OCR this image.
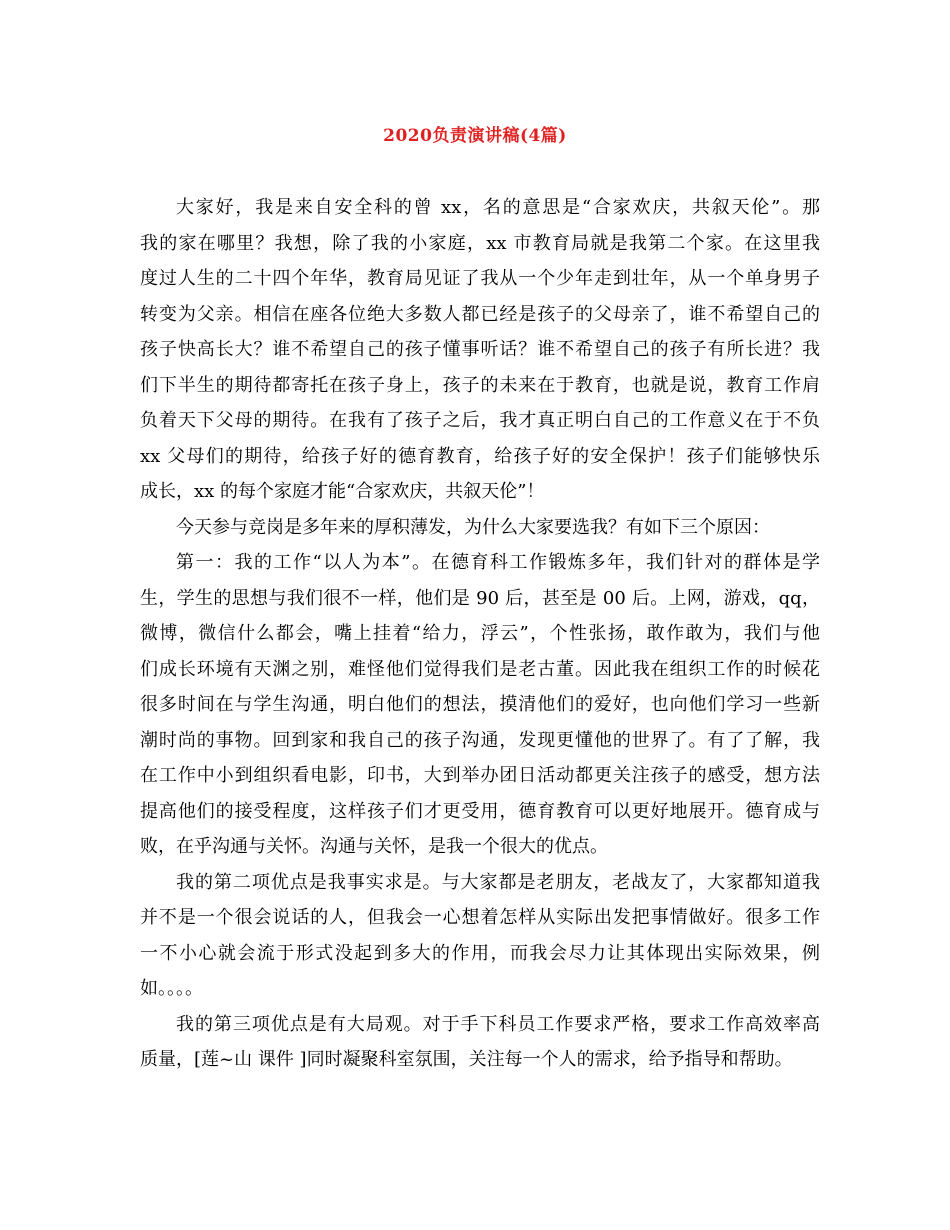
2020负责演讲稿(4篇)
大家好，我是来自安全科的曾 xx，名的意思是“合家欢庆，共叙天伦”。那
我的家在哪里？我想，除了我的小家庭，xx 市教育局就是我第二个家。在这里我
度过人生的二十四个年华，教育局见证了我从一个少年走到壮年，从一个单身男子
转变为父亲。相信在座各位绝大多数人都已经是孩子的父母亲了，谁不希望自己的
孩子快高长大？谁不希望自己的孩子懂事听话？谁不希望自己的孩子有所长进？我
们下半生的期待都寄托在孩子身上，孩子的未来在于教育，也就是说，教育工作肩
负着天下父母的期待。在我有了孩子之后，我才真正明白自己的工作意义在于不负
xx 父母们的期待，给孩子好的德育教育，给孩子好的安全保护！孩子们能够快乐
成长，xx 的每个家庭才能“合家欢庆，共叙天伦”！
今天参与竞岗是多年来的厚积薄发，为什么大家要选我？有如下三个原因：
第一：我的工作“以人为本”。在德育科工作锻炼多年，我们针对的群体是学
生，学生的思想与我们很不一样，他们是 90 后，甚至是 00 后。上网，游戏，qq，
微博，微信什么都会，嘴上挂着“给力，浮云”，个性张扬，敢作敢为，我们与他
们成长环境有天渊之别，难怪他们觉得我们是老古董。因此我在组织工作的时候花
很多时间在与学生沟通，明白他们的想法，摸清他们的爱好，也向他们学习一些新
潮时尚的事物。回到家和我自己的孩子沟通，发现更懂他的世界了。有了了解，我
在工作中小到组织看电影，印书，大到举办团日活动都更关注孩子的感受，想方法
提高他们的接受程度，这样孩子们才更受用，德育教育可以更好地展开。德育成与
败，在乎沟通与关怀。沟通与关怀，是我一个很大的优点。
我的第二项优点是我事实求是。与大家都是老朋友，老战友了，大家都知道我
并不是一个很会说话的人，但我会一心想着怎样从实际出发把事情做好。很多工作
一不小心就会流于形式没起到多大的作用，而我会尽力让其体现出实际效果，例
如。。。。
我的第三项优点是有大局观。对于手下科员工作要求严格，要求工作高效率高
质量，[莲~山 课件 ]同时凝聚科室氛围，关注每一个人的需求，给予指导和帮助。
